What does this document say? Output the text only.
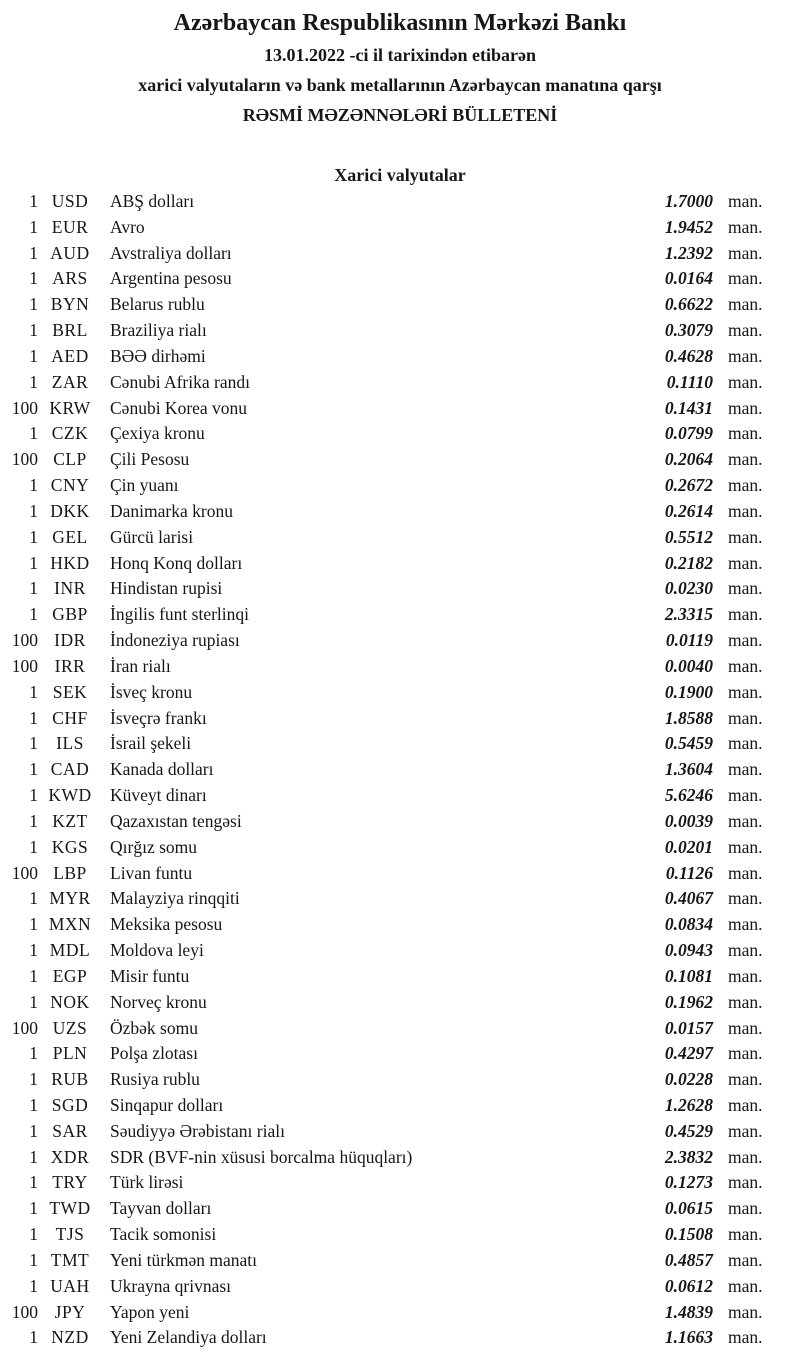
Azərbaycan Respublikasının Mərkəzi Bankı
13.01.2022 -ci il tarixindən etibarən
xarici valyutaların və bank metallarının Azərbaycan manatına qarşı
RƏSMİ MƏZƏNNƏLƏRİ BÜLLETENİ
Xarici valyutalar
1 USD	ABŞ dolları	1.7000 man.
1 EUR	Avro	1.9452 man.
1 AUD	Avstraliya dolları	1.2392 man.
1 ARS	Argentina pesosu	0.0164 man.
1 BYN	Belarus rublu	0.6622 man.
1 BRL	Braziliya rialı	0.3079 man.
1 AED	BƏƏ dirhəmi	0.4628 man.
1 ZAR	Cənubi Afrika randı	0.1110 man.
100 KRW	Cənubi Korea vonu	0.1431 man.
1 CZK	Çexiya kronu	0.0799 man.
100 CLP	Çili Pesosu	0.2064 man.
1 CNY	Çin yuanı	0.2672 man.
1 DKK	Danimarka kronu	0.2614 man.
1 GEL	Gürcü larisi	0.5512 man.
1 HKD	Honq Konq dolları	0.2182 man.
1 INR	Hindistan rupisi	0.0230 man.
1 GBP	İngilis funt sterlinqi	2.3315 man.
100 IDR	İndoneziya rupiası	0.0119 man.
100 IRR	İran rialı	0.0040 man.
1 SEK	İsveç kronu	0.1900 man.
1 CHF	İsveçrə frankı	1.8588 man.
1	ILS	İsrail şekeli	0.5459 man.
1 CAD	Kanada dolları	1.3604 man.
1 KWD	Küveyt dinarı	5.6246 man.
1 KZT	Qazaxıstan tengəsi	0.0039 man.
1 KGS	Qırğız somu	0.0201 man.
100 LBP	Livan funtu	0.1126 man.
1 MYR	Malayziya rinqqiti	0.4067 man.
1 MXN	Meksika pesosu	0.0834 man.
1 MDL	Moldova leyi	0.0943 man.
1 EGP	Misir funtu	0.1081 man.
1 NOK	Norveç kronu	0.1962 man.
100 UZS	Özbək somu	0.0157 man.
1 PLN	Polşa zlotası	0.4297 man.
1 RUB	Rusiya rublu	0.0228 man.
1 SGD	Sinqapur dolları	1.2628 man.
1 SAR	Səudiyyə Ərəbistanı rialı	0.4529 man.
1 XDR	SDR (BVF-nin xüsusi borcalma hüquqları)	2.3832 man.
1 TRY	Türk lirəsi	0.1273 man.
1 TWD	Tayvan dolları	0.0615 man.
1	TJS	Tacik somonisi	0.1508 man.
1 TMT	Yeni türkmən manatı	0.4857 man.
1 UAH	Ukrayna qrivnası	0.0612 man.
100 JPY	Yapon yeni	1.4839 man.
1 NZD	Yeni Zelandiya dolları	1.1663 man.
